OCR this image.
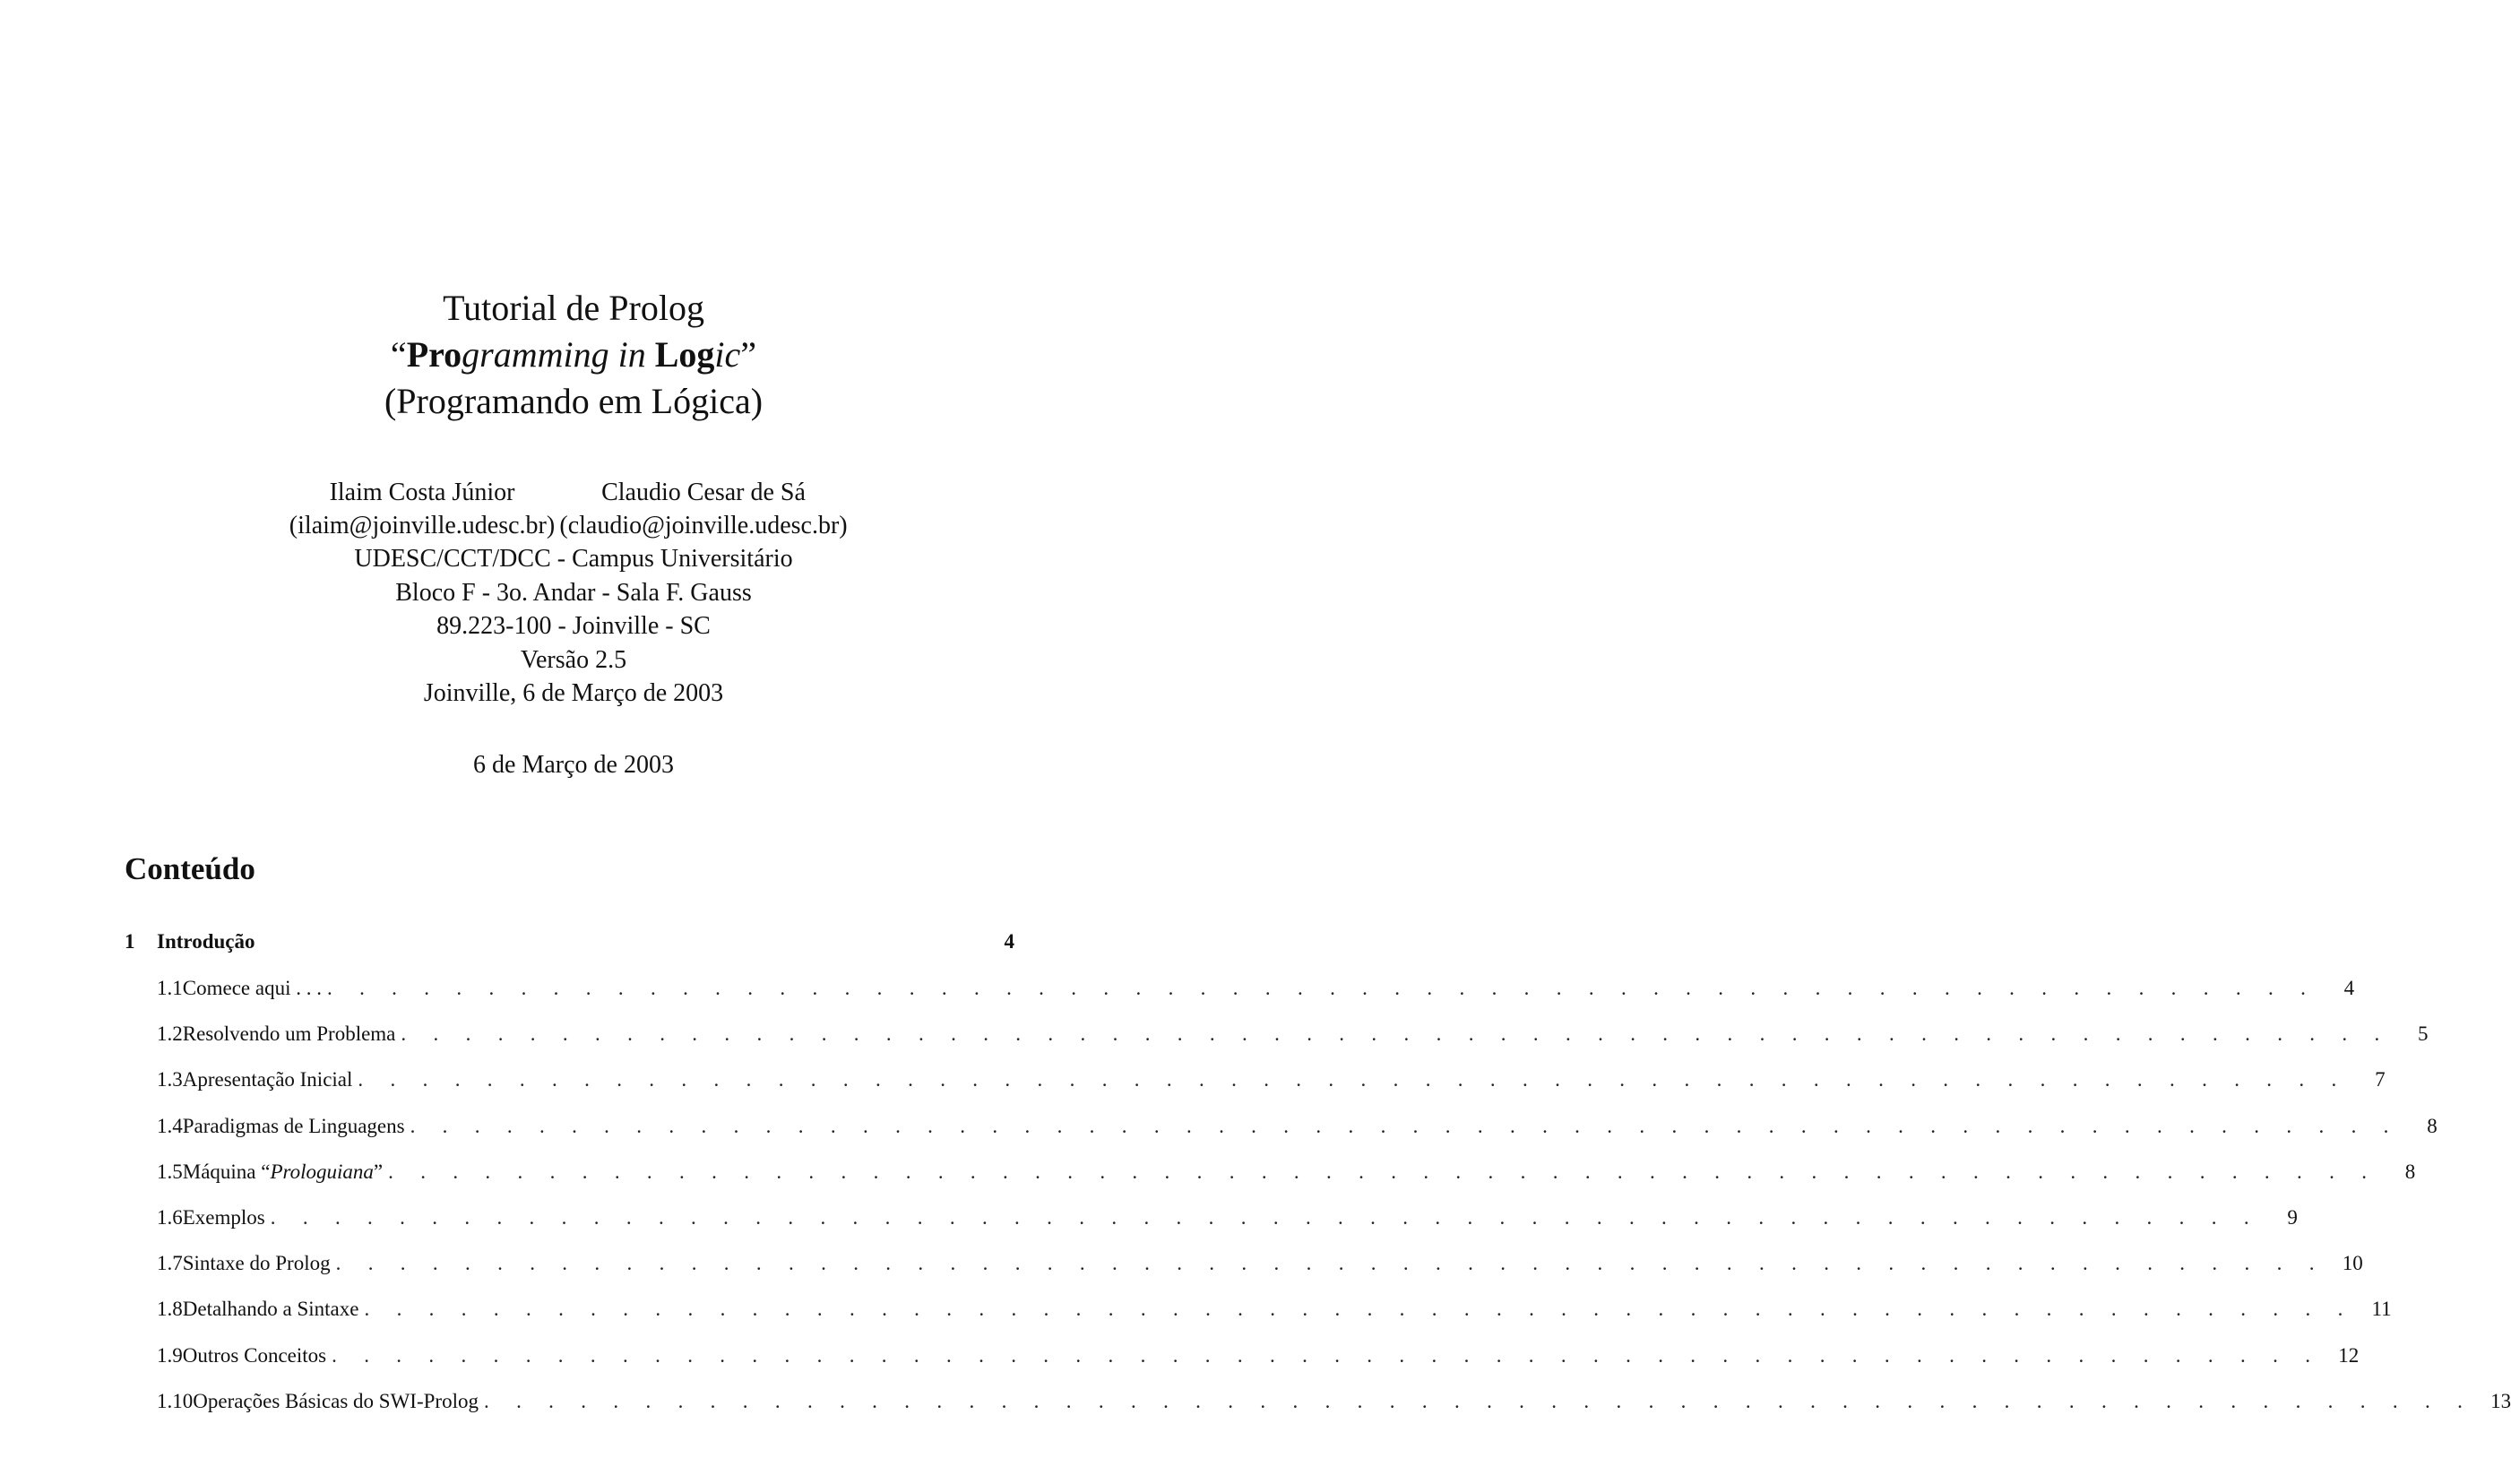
Tutorial de Prolog
“Programming in Logic”
(Programando em Lógica)
Ilaim Costa Júnior	Claudio Cesar de Sá
(ilaim@joinville.udesc.br) (claudio@joinville.udesc.br)
UDESC/CCT/DCC - Campus Universitário
Bloco F - 3o. Andar - Sala F. Gauss
89.223-100 - Joinville - SC
Versão 2.5
Joinville, 6 de Março de 2003
6 de Março de 2003
Conteúdo
1	Introdução	4
1.1 Comece aqui . . . . . . . . . . . . . . . . . . . . . . . . . . . . . . . . . . . . . . . . . . . . . . . . . . . . . . . . . . . . . . . . .	4
1.2 Resolvendo um Problema . . . . . . . . . . . . . . . . . . . . . . . . . . . . . . . . . . . . . . . . . . . . . . . . . . . . . . . . . . . . . .	5
1.3 Apresentação Inicial . . . . . . . . . . . . . . . . . . . . . . . . . . . . . . . . . . . . . . . . . . . . . . . . . . . . . . . . . . . . . .	7
1.4 Paradigmas de Linguagens . . . . . . . . . . . . . . . . . . . . . . . . . . . . . . . . . . . . . . . . . . . . . . . . . . . . . . . . . . . . . .	8
1.5 Máquina “Prologuiana” . . . . . . . . . . . . . . . . . . . . . . . . . . . . . . . . . . . . . . . . . . . . . . . . . . . . . . . . . . . . . .	8
1.6 Exemplos . . . . . . . . . . . . . . . . . . . . . . . . . . . . . . . . . . . . . . . . . . . . . . . . . . . . . . . . . . . . . .	9
1.7 Sintaxe do Prolog . . . . . . . . . . . . . . . . . . . . . . . . . . . . . . . . . . . . . . . . . . . . . . . . . . . . . . . . . . . . . . 10
1.8 Detalhando a Sintaxe . . . . . . . . . . . . . . . . . . . . . . . . . . . . . . . . . . . . . . . . . . . . . . . . . . . . . . . . . . . . . . 11
1.9 Outros Conceitos . . . . . . . . . . . . . . . . . . . . . . . . . . . . . . . . . . . . . . . . . . . . . . . . . . . . . . . . . . . . . . 12
1.10 Operações Básicas do SWI-Prolog . . . . . . . . . . . . . . . . . . . . . . . . . . . . . . . . . . . . . . . . . . . . . . . . . . . . . . . . . . . . . . 13
